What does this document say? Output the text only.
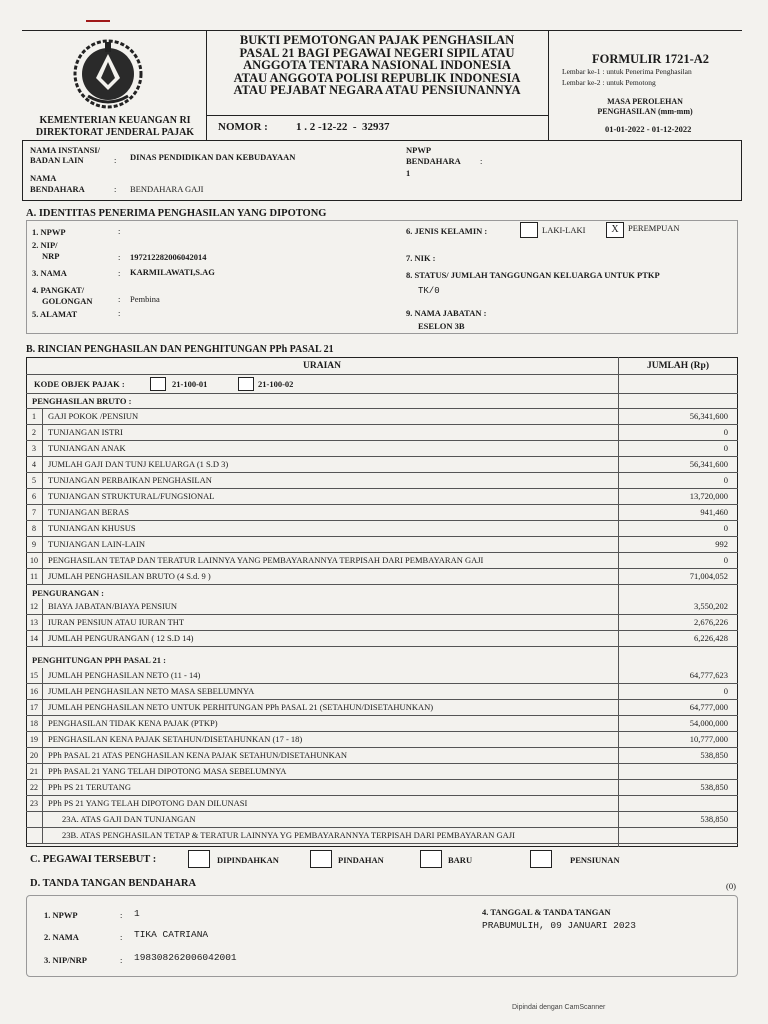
KEMENTERIAN KEUANGAN RI
DIREKTORAT JENDERAL PAJAK
BUKTI PEMOTONGAN PAJAK PENGHASILAN
PASAL 21 BAGI PEGAWAI NEGERI SIPIL ATAU
ANGGOTA TENTARA NASIONAL INDONESIA
ATAU ANGGOTA POLISI REPUBLIK INDONESIA
ATAU PEJABAT NEGARA ATAU PENSIUNANNYA
NOMOR :	1 . 2 -12-22  -  32937
FORMULIR 1721-A2
Lembar ke-1 : untuk Penerima Penghasilan
Lembar ke-2 : untuk Pemotong
MASA PEROLEHAN
PENGHASILAN (mm-mm)
01-01-2022 - 01-12-2022
NAMA INSTANSI/
BADAN LAIN	: DINAS PENDIDIKAN DAN KEBUDAYAAN
NPWP
BENDAHARA :
1
NAMA
BENDAHARA	: BENDAHARA GAJI
A. IDENTITAS PENERIMA PENGHASILAN YANG DIPOTONG
1. NPWP	:
2. NIP/
NRP	: 197212282006042014
3. NAMA	: KARMILAWATI,S.AG
4. PANGKAT/
GOLONGAN	: Pembina
5. ALAMAT	:
6. JENIS KELAMIN :	LAKI-LAKI	X	PEREMPUAN
7. NIK :
8. STATUS/ JUMLAH TANGGUNGAN KELUARGA UNTUK PTKP
TK/0
9. NAMA JABATAN :
ESELON 3B
B. RINCIAN PENGHASILAN DAN PENGHITUNGAN PPh PASAL 21
URAIAN	JUMLAH (Rp)
KODE OBJEK PAJAK :	21-100-01	21-100-02
PENGHASILAN BRUTO :
1	GAJI POKOK /PENSIUN	56,341,600
2	TUNJANGAN ISTRI	0
3	TUNJANGAN ANAK	0
4	JUMLAH GAJI DAN TUNJ KELUARGA (1 S.D 3)	56,341,600
5	TUNJANGAN PERBAIKAN PENGHASILAN	0
6	TUNJANGAN STRUKTURAL/FUNGSIONAL	13,720,000
7	TUNJANGAN BERAS	941,460
8	TUNJANGAN KHUSUS	0
9	TUNJANGAN LAIN-LAIN	992
10	PENGHASILAN TETAP DAN TERATUR LAINNYA YANG PEMBAYARANNYA TERPISAH DARI PEMBAYARAN GAJI	0
11	JUMLAH PENGHASILAN BRUTO (4 S.d. 9 )	71,004,052
PENGURANGAN :
12	BIAYA JABATAN/BIAYA PENSIUN	3,550,202
13	IURAN PENSIUN ATAU IURAN THT	2,676,226
14	JUMLAH PENGURANGAN ( 12 S.D 14)	6,226,428
PENGHITUNGAN PPH PASAL 21 :
15	JUMLAH PENGHASILAN NETO (11 - 14)	64,777,623
16	JUMLAH PENGHASILAN NETO MASA SEBELUMNYA	0
17	JUMLAH PENGHASILAN NETO UNTUK PERHITUNGAN PPh PASAL 21 (SETAHUN/DISETAHUNKAN)	64,777,000
18	PENGHASILAN TIDAK KENA PAJAK (PTKP)	54,000,000
19	PENGHASILAN KENA PAJAK SETAHUN/DISETAHUNKAN (17 - 18)	10,777,000
20	PPh PASAL 21 ATAS PENGHASILAN KENA PAJAK SETAHUN/DISETAHUNKAN	538,850
21	PPh PASAL 21 YANG TELAH DIPOTONG MASA SEBELUMNYA
22	PPh PS 21 TERUTANG	538,850
23	PPh PS 21 YANG TELAH DIPOTONG DAN DILUNASI
23A. ATAS GAJI DAN TUNJANGAN	538,850
23B. ATAS PENGHASILAN TETAP & TERATUR LAINNYA YG PEMBAYARANNYA TERPISAH DARI PEMBAYARAN GAJI
C. PEGAWAI TERSEBUT :	DIPINDAHKAN	PINDAHAN	BARU	PENSIUNAN
D. TANDA TANGAN BENDAHARA	(0)
1. NPWP	: 1
2. NAMA	: TIKA CATRIANA
3. NIP/NRP	: 198308262006042001
4. TANGGAL & TANDA TANGAN
PRABUMULIH, 09 JANUARI 2023
Dipindai dengan CamScanner
